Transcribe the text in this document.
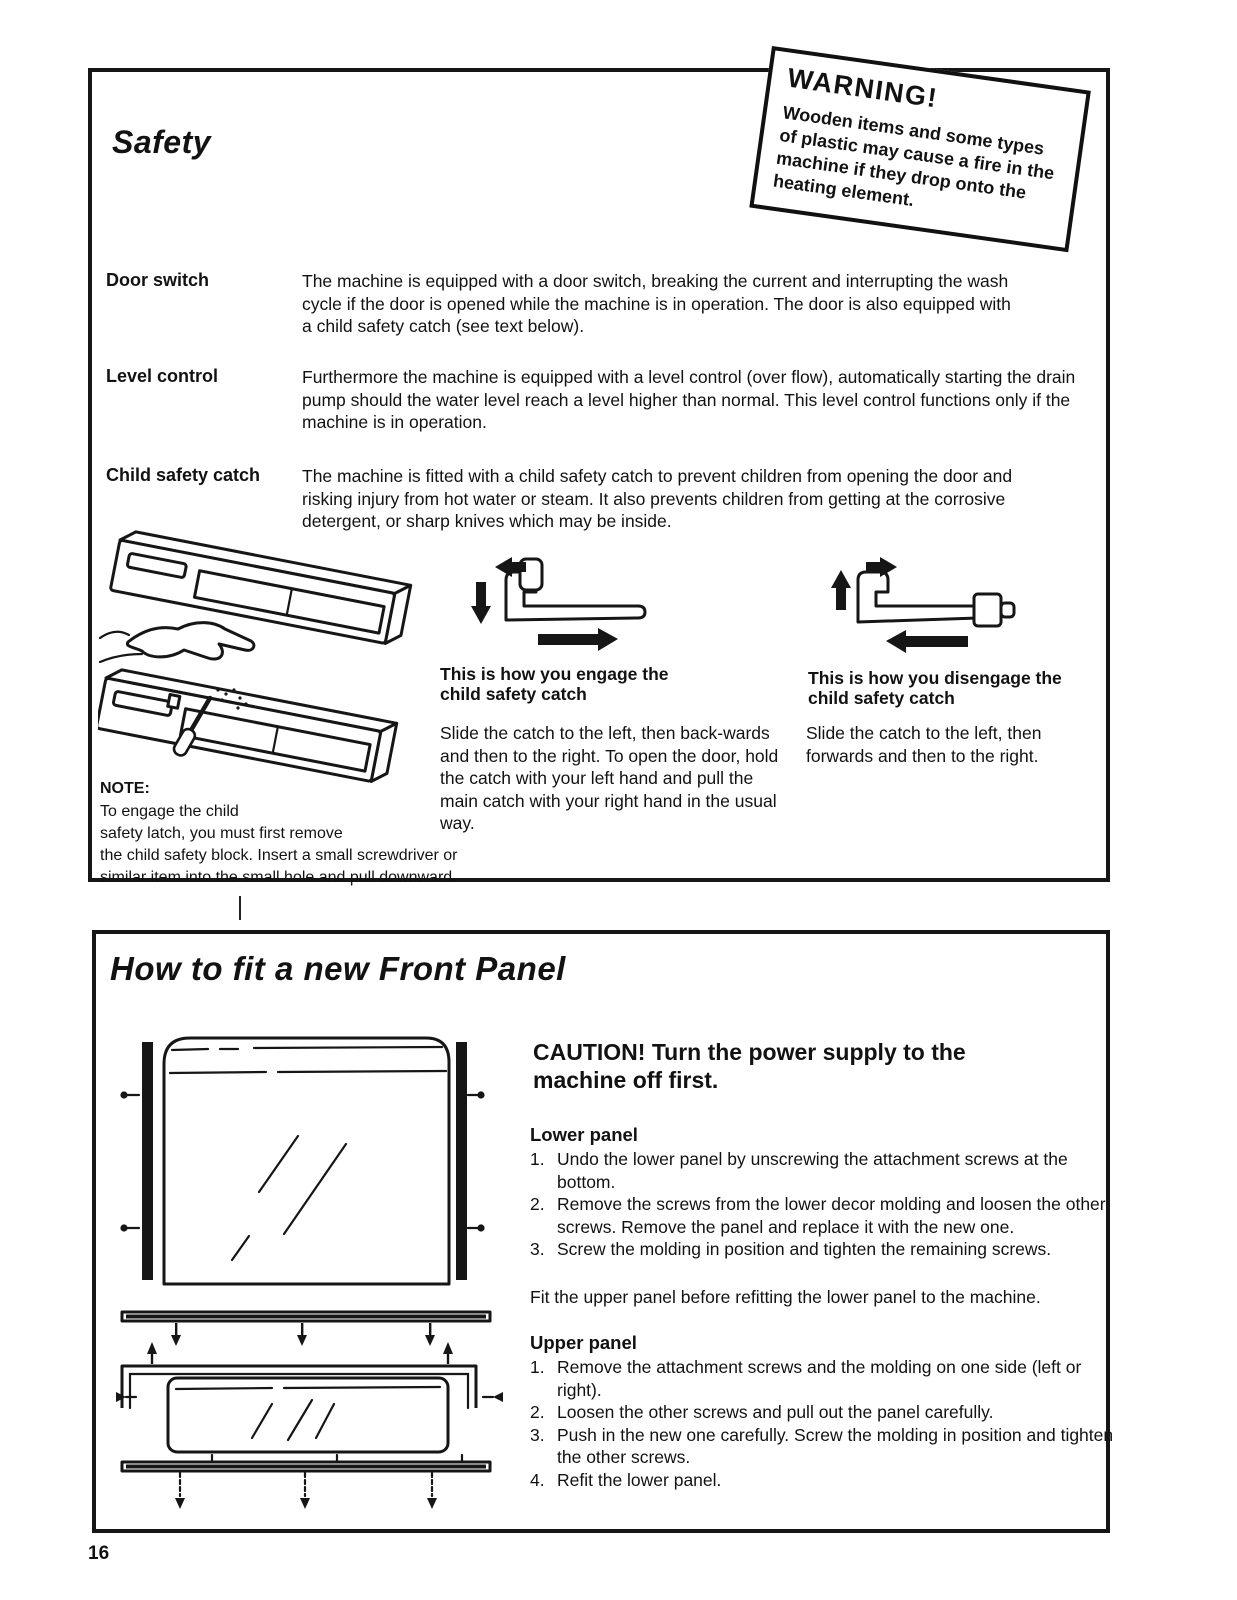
Safety
Door switch	The machine is equipped with a door switch, breaking the current and interrupting the wash cycle if the door is opened while the machine is in operation. The door is also equipped with a child safety catch (see text below).
Level control	Furthermore the machine is equipped with a level control (over flow), automatically starting the drain pump should the water level reach a level higher than normal. This level control functions only if the machine is in operation.
Child safety catch The machine is fitted with a child safety catch to prevent children from opening the door and risking injury from hot water or steam. It also prevents children from getting at the corrosive detergent, or sharp knives which may be inside.
This is how you engage the child safety catch
Slide the catch to the left, then back-wards and then to the right. To open the door, hold the catch with your left hand and pull the main catch with your right hand in the usual way.
This is how you disengage the child safety catch
Slide the catch to the left, then forwards and then to the right.
NOTE:
To engage the child
safety latch, you must first remove
the child safety block. Insert a small screwdriver or
similar item into the small hole and pull downward.
WARNING!
Wooden items and some types of plastic may cause a fire in the machine if they drop onto the heating element.
How to fit a new Front Panel
CAUTION! Turn the power supply to the machine off first.
Lower panel
1. Undo the lower panel by unscrewing the attachment screws at the bottom.
2. Remove the screws from the lower decor molding and loosen the other screws. Remove the panel and replace it with the new one.
3. Screw the molding in position and tighten the remaining screws.
Fit the upper panel before refitting the lower panel to the machine.
Upper panel
1. Remove the attachment screws and the molding on one side (left or right).
2. Loosen the other screws and pull out the panel carefully.
3. Push in the new one carefully. Screw the molding in position and tighten the other screws.
4. Refit the lower panel.
16
